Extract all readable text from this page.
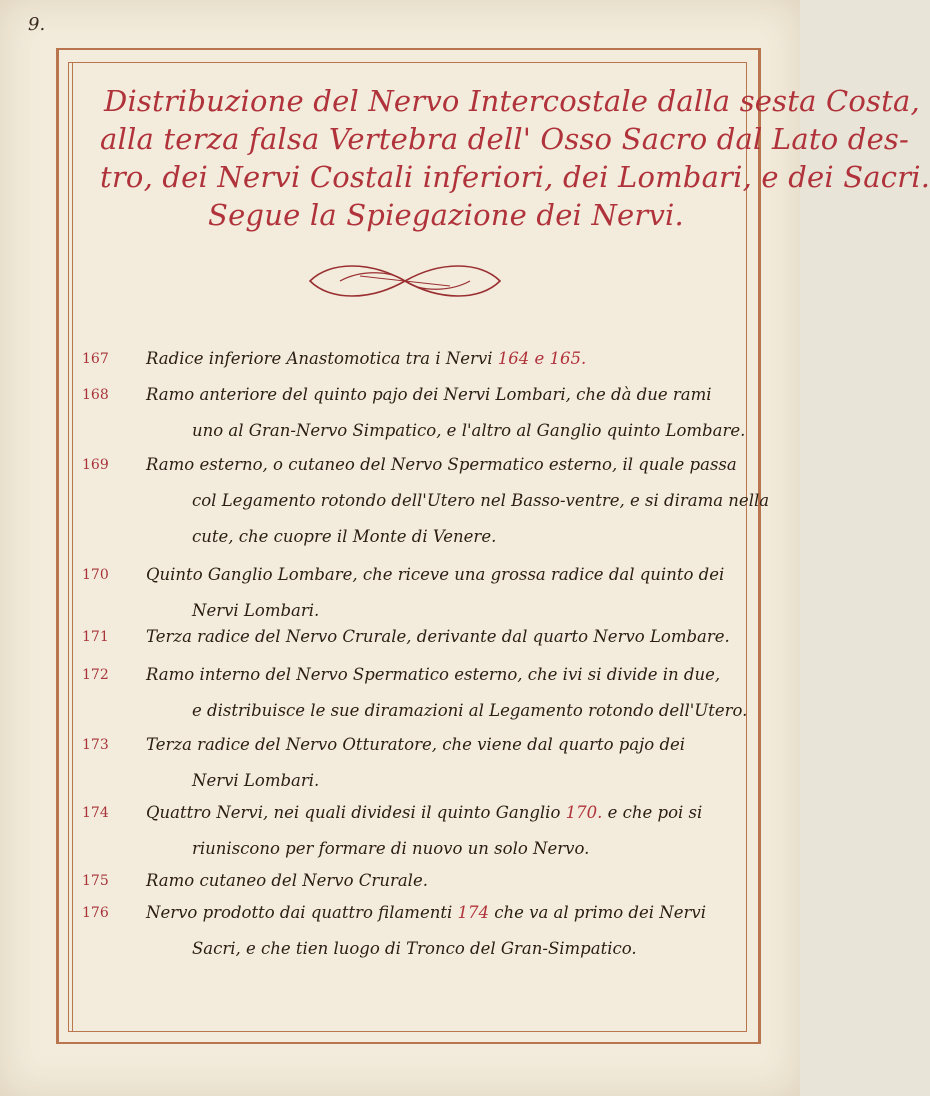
9.
Distribuzione del Nervo Intercostale dalla sesta Costa,
alla terza falsa Vertebra dell' Osso Sacro dal Lato des-
tro, dei Nervi Costali inferiori, dei Lombari, e dei Sacri.
Segue la Spiegazione dei Nervi.
167 Radice inferiore Anastomotica tra i Nervi 164 e 165.
168 Ramo anteriore del quinto pajo dei Nervi Lombari, che dà due rami
uno al Gran-Nervo Simpatico, e l'altro al Ganglio quinto Lombare.
169 Ramo esterno, o cutaneo del Nervo Spermatico esterno, il quale passa
col Legamento rotondo dell'Utero nel Basso-ventre, e si dirama nella
cute, che cuopre il Monte di Venere.
170 Quinto Ganglio Lombare, che riceve una grossa radice dal quinto dei
Nervi Lombari.
171 Terza radice del Nervo Crurale, derivante dal quarto Nervo Lombare.
172 Ramo interno del Nervo Spermatico esterno, che ivi si divide in due,
e distribuisce le sue diramazioni al Legamento rotondo dell'Utero.
173 Terza radice del Nervo Otturatore, che viene dal quarto pajo dei
Nervi Lombari.
174 Quattro Nervi, nei quali dividesi il quinto Ganglio 170. e che poi si
riuniscono per formare di nuovo un solo Nervo.
175 Ramo cutaneo del Nervo Crurale.
176 Nervo prodotto dai quattro filamenti 174 che va al primo dei Nervi
Sacri, e che tien luogo di Tronco del Gran-Simpatico.
